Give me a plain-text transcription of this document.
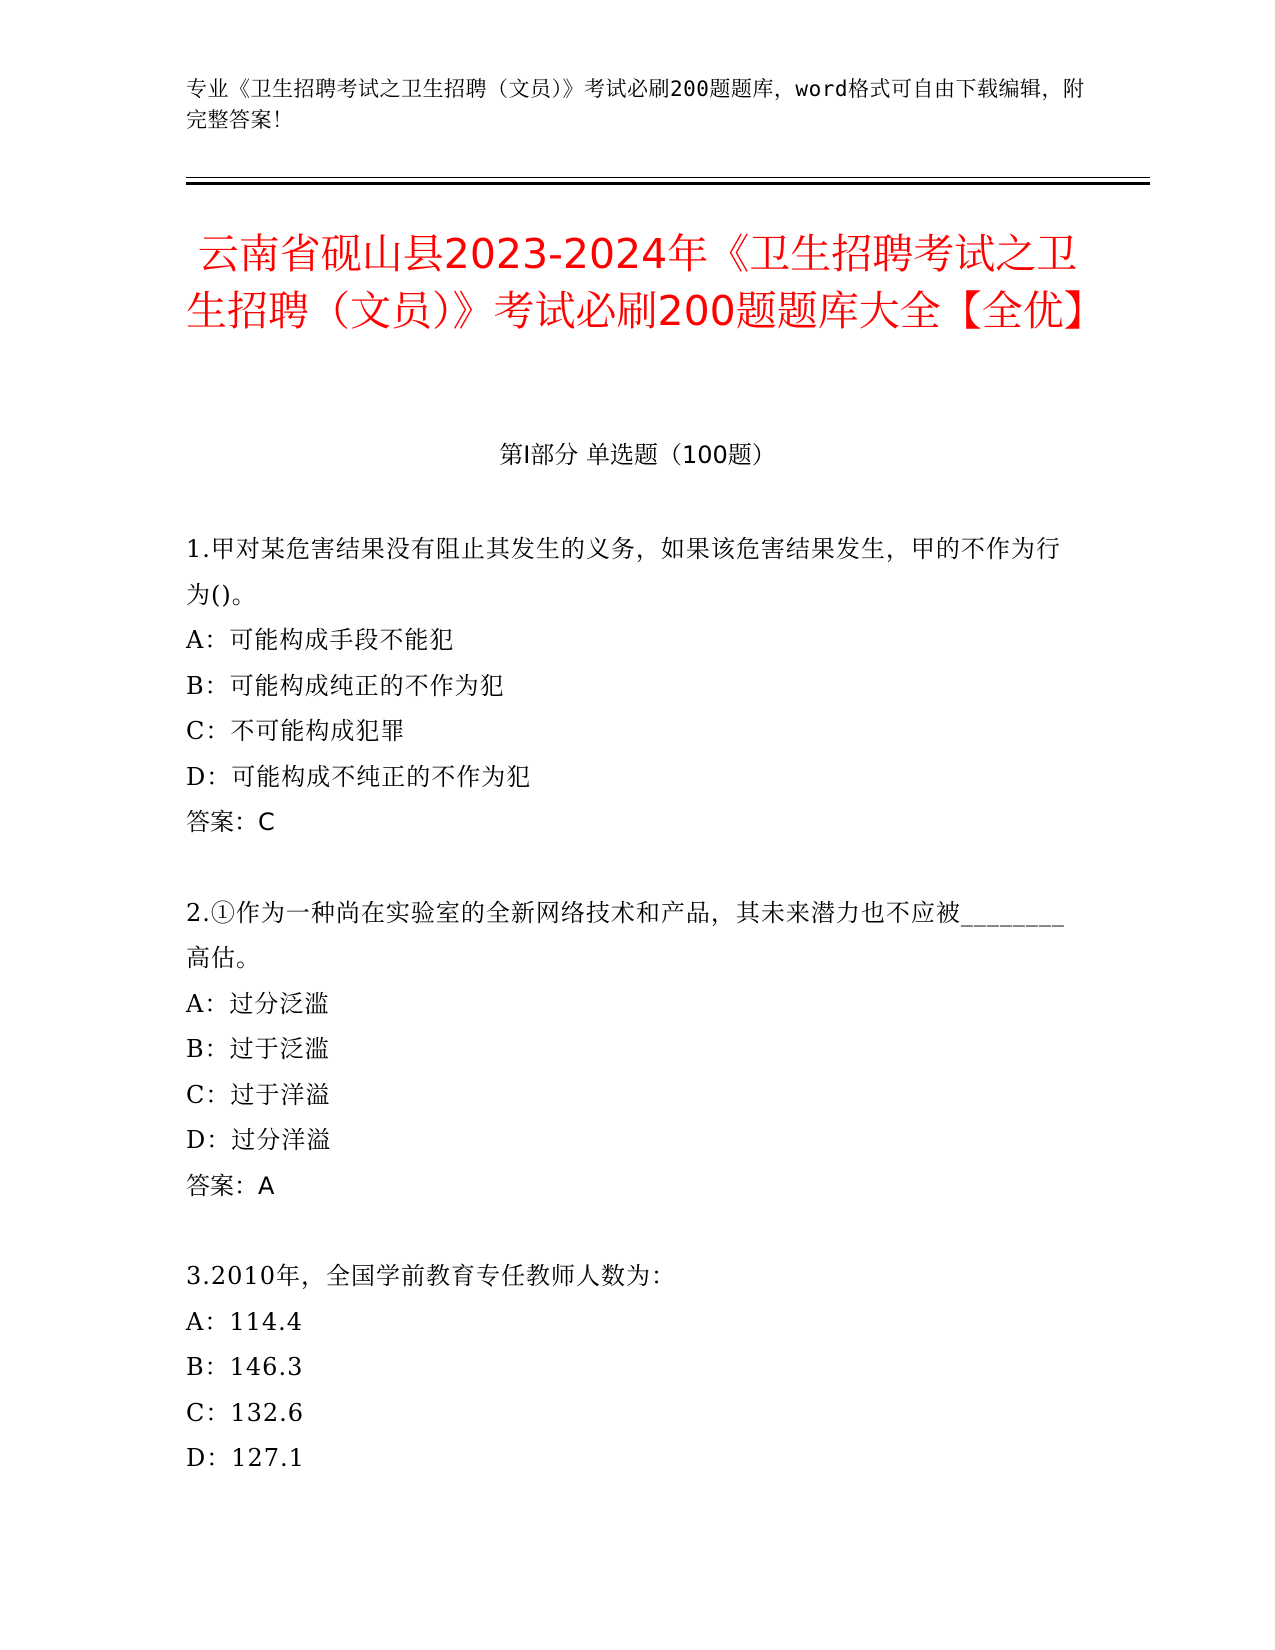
专业《卫生招聘考试之卫生招聘（文员）》考试必刷200题题库，word格式可自由下载编辑，附完整答案！
云南省砚山县2023-2024年《卫生招聘考试之卫生招聘（文员）》考试必刷200题题库大全【全优】
第Ⅰ部分 单选题（100题）

1.甲对某危害结果没有阻止其发生的义务，如果该危害结果发生，甲的不作为行为()。

A：可能构成手段不能犯

B：可能构成纯正的不作为犯

C：不可能构成犯罪

D：可能构成不纯正的不作为犯

答案：C

2.①作为一种尚在实验室的全新网络技术和产品，其未来潜力也不应被________高估。

A：过分泛滥

B：过于泛滥

C：过于洋溢

D：过分洋溢

答案：A

3.2010年，全国学前教育专任教师人数为：

A：114.4

B：146.3

C：132.6

D：127.1
